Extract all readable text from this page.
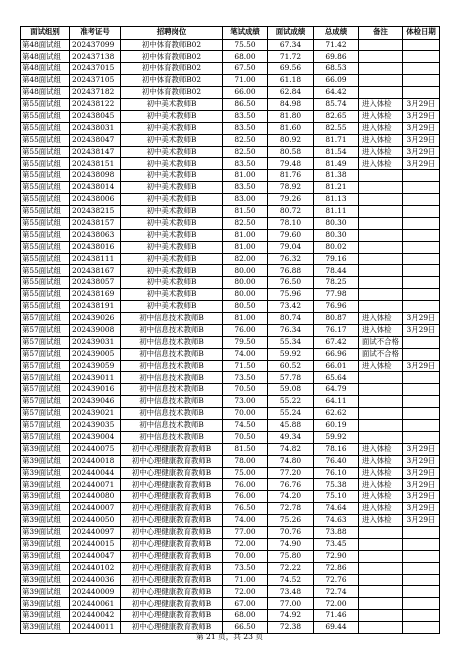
面试组别	准考证号	招聘岗位	笔试成绩	面试成绩	总成绩	备注	体检日期
第48面试组	202437099	初中体育教师B02	75.50	67.34	71.42		
第48面试组	202437138	初中体育教师B02	68.00	71.72	69.86		
第48面试组	202437015	初中体育教师B02	67.50	69.56	68.53		
第48面试组	202437105	初中体育教师B02	71.00	61.18	66.09		
第48面试组	202437182	初中体育教师B02	66.00	62.84	64.42		
第55面试组	202438122	初中美术教师B	86.50	84.98	85.74	进入体检	3月29日
第55面试组	202438045	初中美术教师B	83.50	81.80	82.65	进入体检	3月29日
第55面试组	202438031	初中美术教师B	83.50	81.60	82.55	进入体检	3月29日
第55面试组	202438047	初中美术教师B	82.50	80.92	81.71	进入体检	3月29日
第55面试组	202438147	初中美术教师B	82.50	80.58	81.54	进入体检	3月29日
第55面试组	202438151	初中美术教师B	83.50	79.48	81.49	进入体检	3月29日
第55面试组	202438098	初中美术教师B	81.00	81.76	81.38		
第55面试组	202438014	初中美术教师B	83.50	78.92	81.21		
第55面试组	202438006	初中美术教师B	83.00	79.26	81.13		
第55面试组	202438215	初中美术教师B	81.50	80.72	81.11		
第55面试组	202438157	初中美术教师B	82.50	78.10	80.30		
第55面试组	202438063	初中美术教师B	81.00	79.60	80.30		
第55面试组	202438016	初中美术教师B	81.00	79.04	80.02		
第55面试组	202438111	初中美术教师B	82.00	76.32	79.16		
第55面试组	202438167	初中美术教师B	80.00	76.88	78.44		
第55面试组	202438057	初中美术教师B	80.00	76.50	78.25		
第55面试组	202438169	初中美术教师B	80.00	75.96	77.98		
第55面试组	202438191	初中美术教师B	80.50	73.42	76.96		
第57面试组	202439026	初中信息技术教师B	81.00	80.74	80.87	进入体检	3月29日
第57面试组	202439008	初中信息技术教师B	76.00	76.34	76.17	进入体检	3月29日
第57面试组	202439031	初中信息技术教师B	79.50	55.34	67.42	面试不合格	
第57面试组	202439005	初中信息技术教师B	74.00	59.92	66.96	面试不合格	
第57面试组	202439059	初中信息技术教师B	71.50	60.52	66.01	进入体检	3月29日
第57面试组	202439011	初中信息技术教师B	73.50	57.78	65.64		
第57面试组	202439016	初中信息技术教师B	70.50	59.08	64.79		
第57面试组	202439046	初中信息技术教师B	73.00	55.22	64.11		
第57面试组	202439021	初中信息技术教师B	70.00	55.24	62.62		
第57面试组	202439035	初中信息技术教师B	74.50	45.88	60.19		
第57面试组	202439004	初中信息技术教师B	70.50	49.34	59.92		
第39面试组	202440075	初中心理健康教育教师B	81.50	74.82	78.16	进入体检	3月29日
第39面试组	202440018	初中心理健康教育教师B	78.00	74.80	76.40	进入体检	3月29日
第39面试组	202440044	初中心理健康教育教师B	75.00	77.20	76.10	进入体检	3月29日
第39面试组	202440071	初中心理健康教育教师B	76.00	76.76	75.38	进入体检	3月29日
第39面试组	202440080	初中心理健康教育教师B	76.00	74.20	75.10	进入体检	3月29日
第39面试组	202440007	初中心理健康教育教师B	76.50	72.78	74.64	进入体检	3月29日
第39面试组	202440050	初中心理健康教育教师B	74.00	75.26	74.63	进入体检	3月29日
第39面试组	202440097	初中心理健康教育教师B	77.00	70.76	73.88		
第39面试组	202440015	初中心理健康教育教师B	72.00	74.90	73.45		
第39面试组	202440047	初中心理健康教育教师B	70.00	75.80	72.90		
第39面试组	202440102	初中心理健康教育教师B	73.50	72.22	72.86		
第39面试组	202440036	初中心理健康教育教师B	71.00	74.52	72.76		
第39面试组	202440009	初中心理健康教育教师B	72.00	73.48	72.74		
第39面试组	202440061	初中心理健康教育教师B	67.00	77.00	72.00		
第39面试组	202440042	初中心理健康教育教师B	68.00	74.92	71.46		
第39面试组	202440011	初中心理健康教育教师B	66.50	72.38	69.44		
第 21 页，共 23 页
